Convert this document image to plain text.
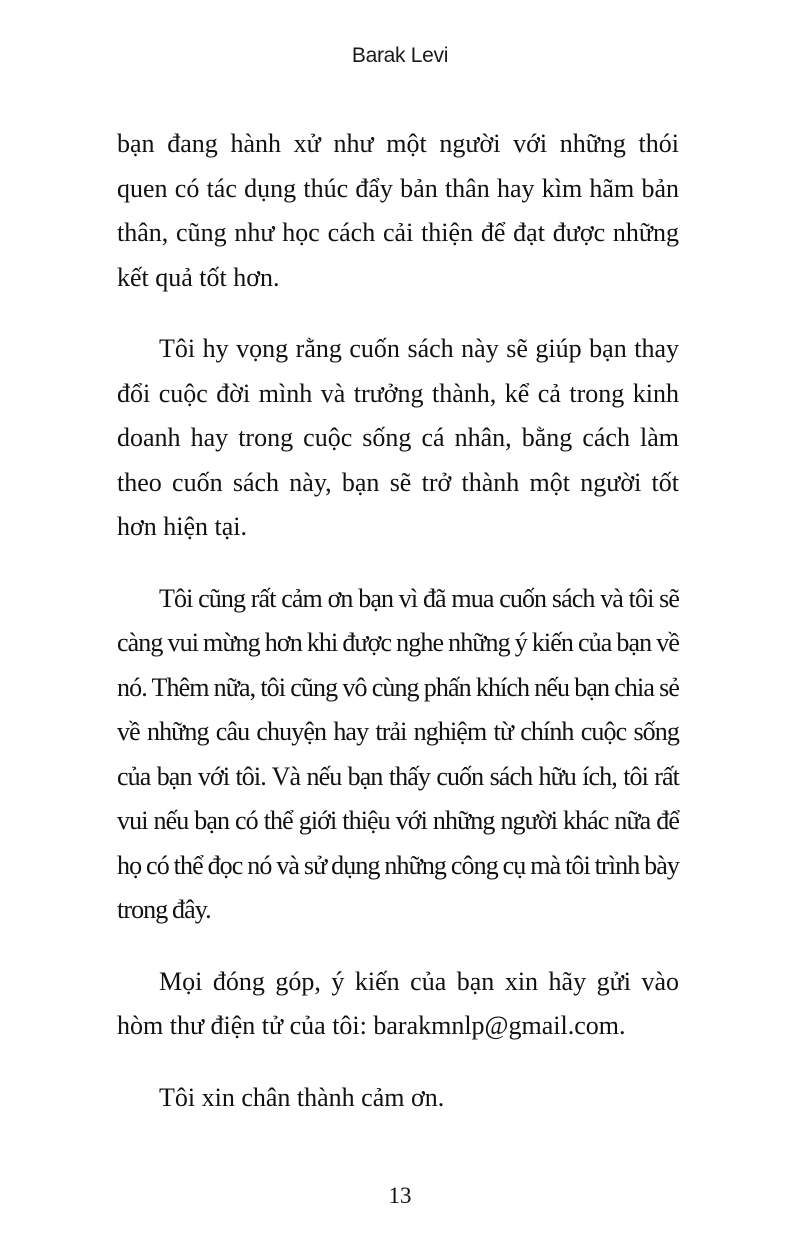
Barak Levi

bạn đang hành xử như một người với những thói quen có tác dụng thúc đẩy bản thân hay kìm hãm bản thân, cũng như học cách cải thiện để đạt được những kết quả tốt hơn.

Tôi hy vọng rằng cuốn sách này sẽ giúp bạn thay đổi cuộc đời mình và trưởng thành, kể cả trong kinh doanh hay trong cuộc sống cá nhân, bằng cách làm theo cuốn sách này, bạn sẽ trở thành một người tốt hơn hiện tại.

Tôi cũng rất cảm ơn bạn vì đã mua cuốn sách và tôi sẽ càng vui mừng hơn khi được nghe những ý kiến của bạn về nó. Thêm nữa, tôi cũng vô cùng phấn khích nếu bạn chia sẻ về những câu chuyện hay trải nghiệm từ chính cuộc sống của bạn với tôi. Và nếu bạn thấy cuốn sách hữu ích, tôi rất vui nếu bạn có thể giới thiệu với những người khác nữa để họ có thể đọc nó và sử dụng những công cụ mà tôi trình bày trong đây.

Mọi đóng góp, ý kiến của bạn xin hãy gửi vào hòm thư điện tử của tôi: barakmnlp@gmail.com.

Tôi xin chân thành cảm ơn.

13
